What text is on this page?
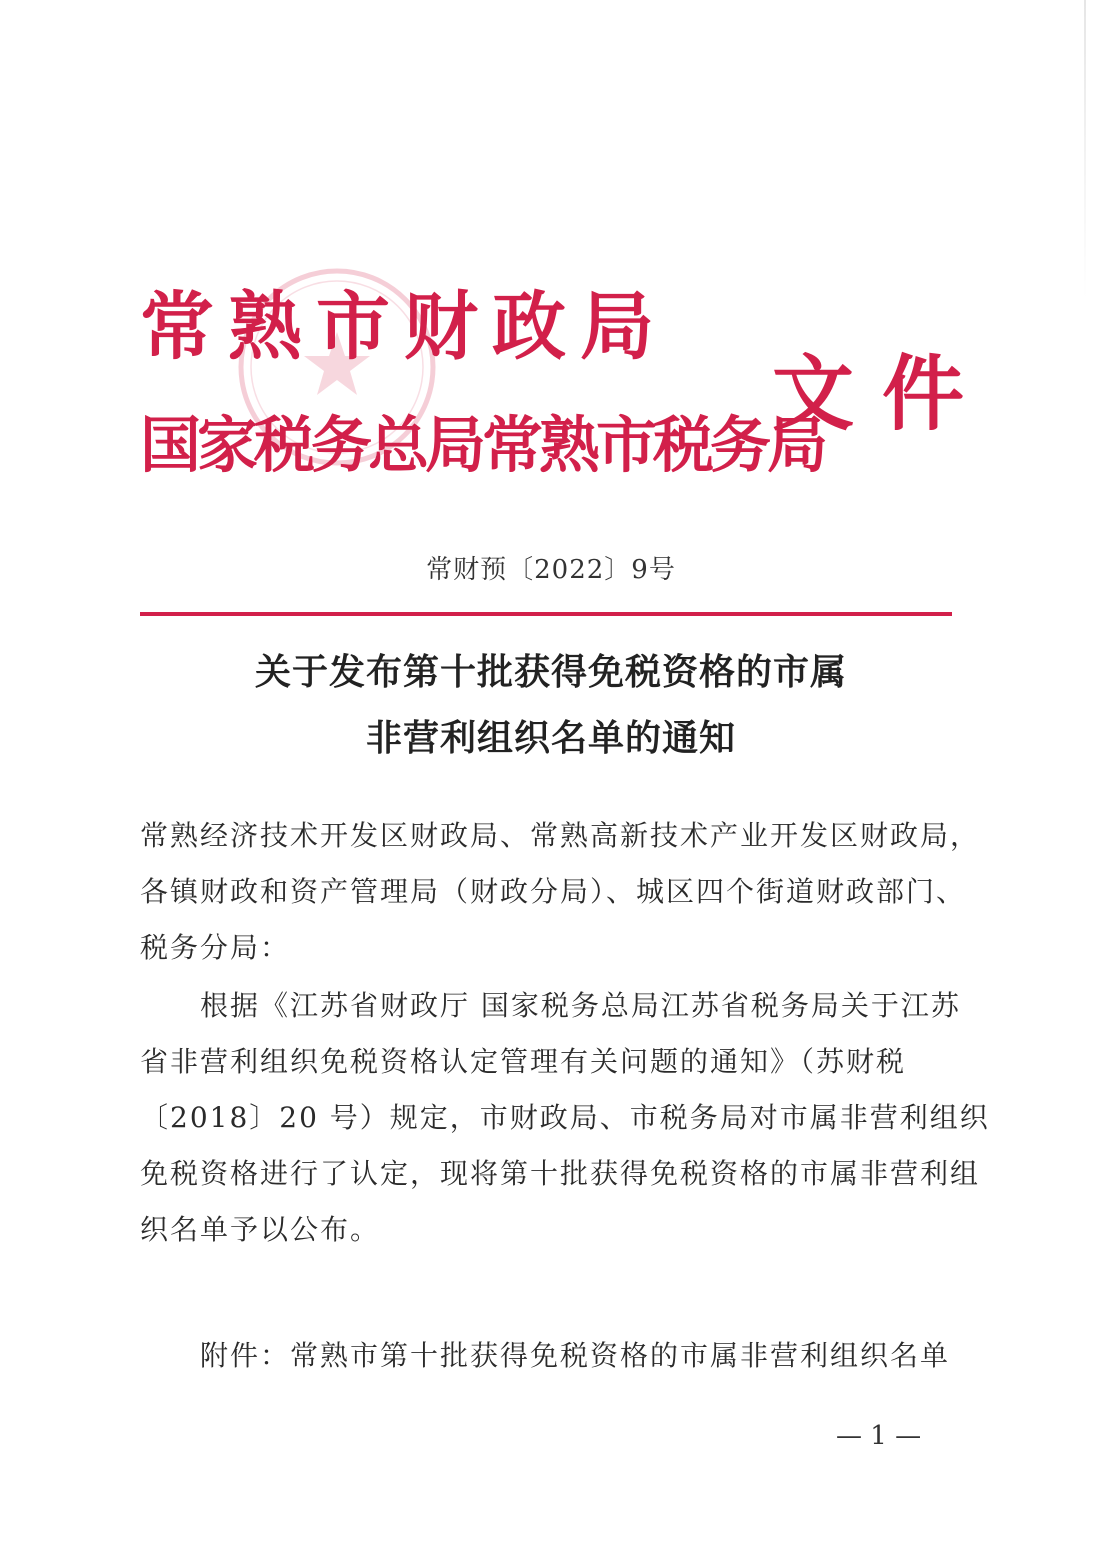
常熟市财政局
国家税务总局常熟市税务局
文件
常财预〔2022〕9号
关于发布第十批获得免税资格的市属
非营利组织名单的通知
常熟经济技术开发区财政局、常熟高新技术产业开发区财政局，
各镇财政和资产管理局（财政分局）、城区四个街道财政部门、
税务分局：
根据《江苏省财政厅 国家税务总局江苏省税务局关于江苏
省非营利组织免税资格认定管理有关问题的通知》（苏财税
〔2018〕20 号）规定，市财政局、市税务局对市属非营利组织
免税资格进行了认定，现将第十批获得免税资格的市属非营利组
织名单予以公布。
附件：常熟市第十批获得免税资格的市属非营利组织名单
— 1 —
